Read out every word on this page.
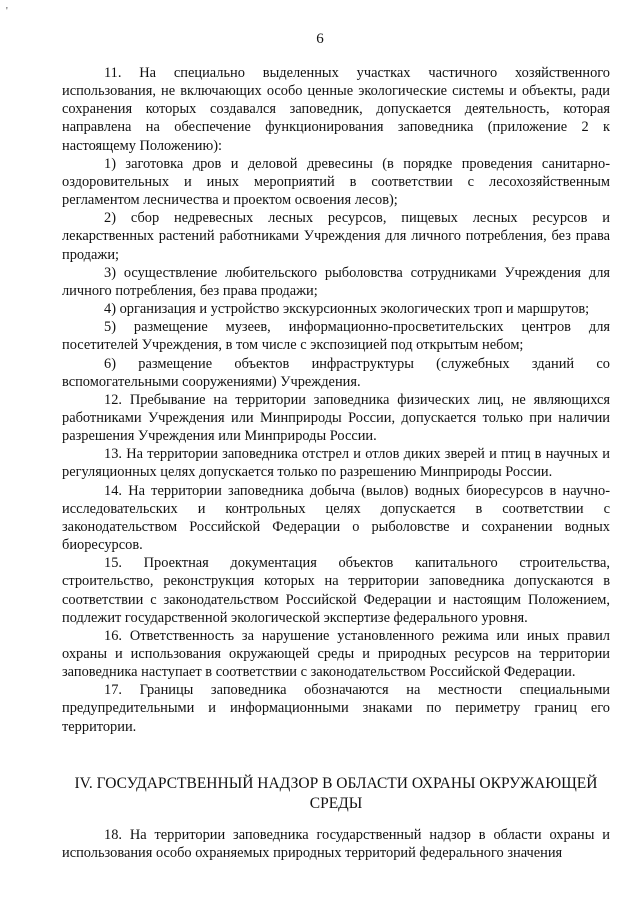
'
6

11. На специально выделенных участках частичного хозяйственного использования, не включающих особо ценные экологические системы и объекты, ради сохранения которых создавался заповедник, допускается деятельность, которая направлена на обеспечение функционирования заповедника (приложение 2 к настоящему Положению):

1) заготовка дров и деловой древесины (в порядке проведения санитарно-оздоровительных и иных мероприятий в соответствии с лесохозяйственным регламентом лесничества и проектом освоения лесов);

2) сбор недревесных лесных ресурсов, пищевых лесных ресурсов и лекарственных растений работниками Учреждения для личного потребления, без права продажи;

3) осуществление любительского рыболовства сотрудниками Учреждения для личного потребления, без права продажи;

4) организация и устройство экскурсионных экологических троп и маршрутов;

5) размещение музеев, информационно-просветительских центров для посетителей Учреждения, в том числе с экспозицией под открытым небом;

6) размещение объектов инфраструктуры (служебных зданий со вспомогательными сооружениями) Учреждения.

12. Пребывание на территории заповедника физических лиц, не являющихся работниками Учреждения или Минприроды России, допускается только при наличии разрешения Учреждения или Минприроды России.

13. На территории заповедника отстрел и отлов диких зверей и птиц в научных и регуляционных целях допускается только по разрешению Минприроды России.

14. На территории заповедника добыча (вылов) водных биоресурсов в научно-исследовательских и контрольных целях допускается в соответствии с законодательством Российской Федерации о рыболовстве и сохранении водных биоресурсов.

15. Проектная документация объектов капитального строительства, строительство, реконструкция которых на территории заповедника допускаются в соответствии с законодательством Российской Федерации и настоящим Положением, подлежит государственной экологической экспертизе федерального уровня.

16. Ответственность за нарушение установленного режима или иных правил охраны и использования окружающей среды и природных ресурсов на территории заповедника наступает в соответствии с законодательством Российской Федерации.

17. Границы заповедника обозначаются на местности специальными предупредительными и информационными знаками по периметру границ его территории.

IV. ГОСУДАРСТВЕННЫЙ НАДЗОР В ОБЛАСТИ ОХРАНЫ ОКРУЖАЮЩЕЙ СРЕДЫ

18. На территории заповедника государственный надзор в области охраны и использования особо охраняемых природных территорий федерального значения
